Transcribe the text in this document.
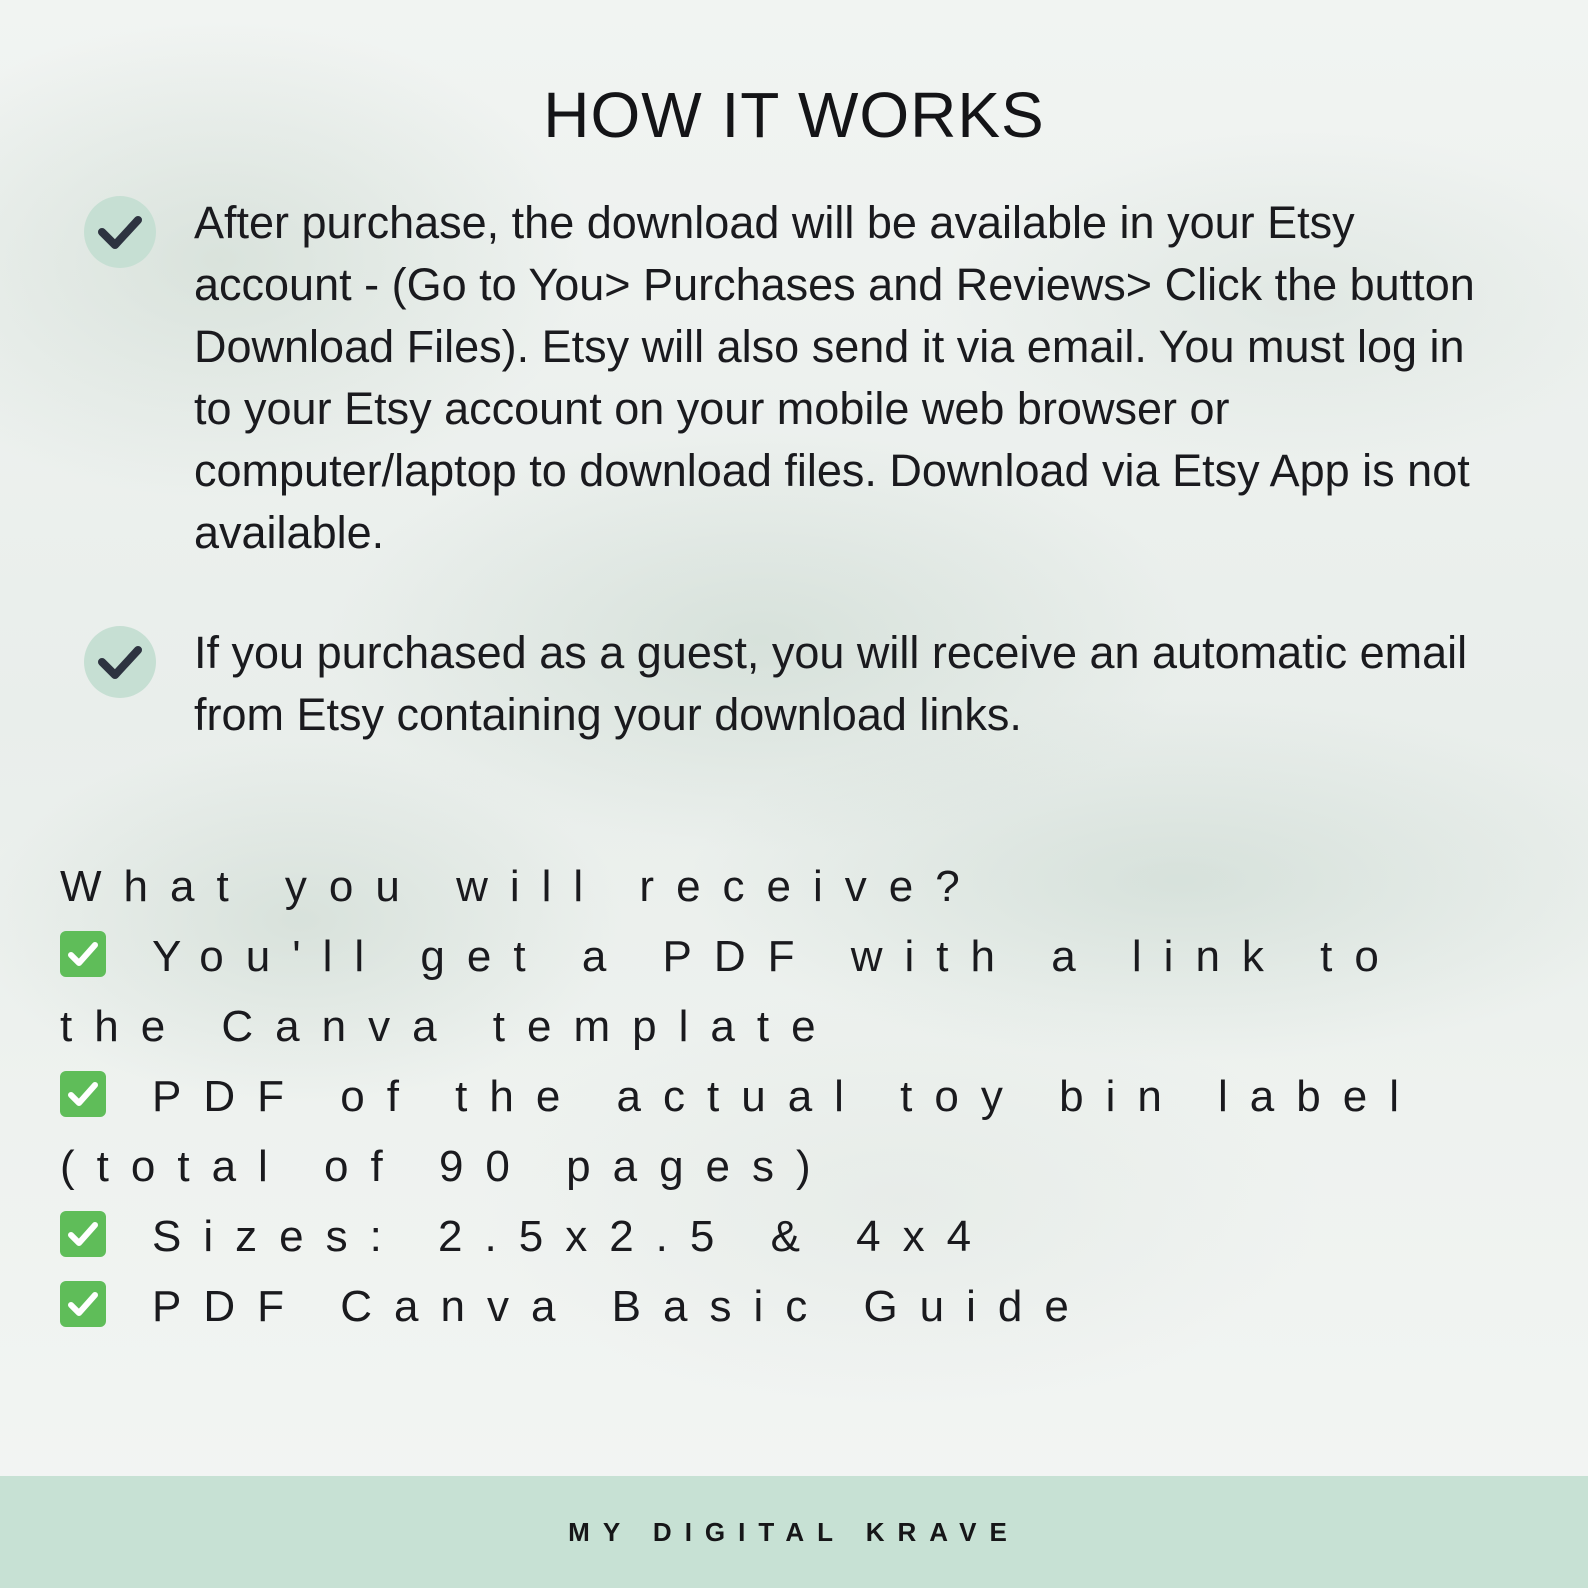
HOW IT WORKS
After purchase, the download will be available in your Etsy account - (Go to You> Purchases and Reviews> Click the button Download Files). Etsy will also send it via email. You must log in to your Etsy account on your mobile web browser or computer/laptop to download files. Download via Etsy App is not available.
If you purchased as a guest, you will receive an automatic email from Etsy containing your download links.
What you will receive?
You'll get a PDF with a link to the Canva template
PDF of the actual toy bin label (total of 90 pages)
Sizes: 2.5x2.5 & 4x4
PDF Canva Basic Guide
MY DIGITAL KRAVE
